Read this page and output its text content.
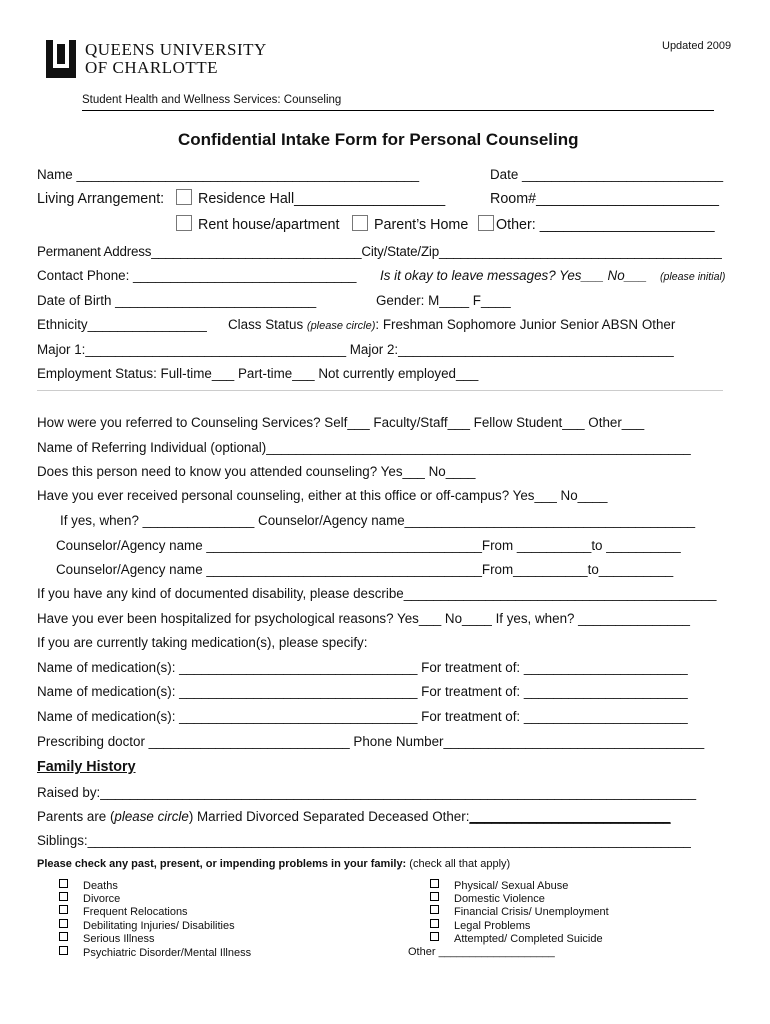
QUEENS UNIVERSITY
OF CHARLOTTE
Updated 2009
Student Health and Wellness Services: Counseling
Confidential Intake Form for Personal Counseling
Name ______________________________________________	Date ___________________________
Living Arrangement: Residence Hall___________________	Room#_______________________
Rent house/apartment Parent’s Home Other: ______________________
Permanent Address_____________________________City/State/Zip_______________________________________
Contact Phone: ______________________________ Is it okay to leave messages? Yes___ No___ (please initial)
Date of Birth ___________________________	Gender: M____ F____
Ethnicity________________ Class Status (please circle): Freshman Sophomore Junior Senior ABSN Other
Major 1:___________________________________ Major 2:_____________________________________
Employment Status: Full-time___ Part-time___ Not currently employed___
How were you referred to Counseling Services? Self___ Faculty/Staff___ Fellow Student___ Other___
Name of Referring Individual (optional)_________________________________________________________
Does this person need to know you attended counseling? Yes___ No____
Have you ever received personal counseling, either at this office or off-campus? Yes___ No____
If yes, when? _______________ Counselor/Agency name_______________________________________
Counselor/Agency name _____________________________________From __________to __________
Counselor/Agency name _____________________________________From__________to__________
If you have any kind of documented disability, please describe__________________________________________
Have you ever been hospitalized for psychological reasons? Yes___ No____ If yes, when? _______________
If you are currently taking medication(s), please specify:
Name of medication(s): ________________________________ For treatment of: ______________________
Name of medication(s): ________________________________ For treatment of: ______________________
Name of medication(s): ________________________________ For treatment of: ______________________
Prescribing doctor ___________________________ Phone Number___________________________________
Family History
Raised by:________________________________________________________________________________
Parents are (please circle) Married Divorced Separated Deceased Other:___________________________
Siblings:_________________________________________________________________________________
Please check any past, present, or impending problems in your family: (check all that apply)
Deaths
Divorce
Frequent Relocations
Debilitating Injuries/ Disabilities
Serious Illness
Psychiatric Disorder/Mental Illness
Physical/ Sexual Abuse
Domestic Violence
Financial Crisis/ Unemployment
Legal Problems
Attempted/ Completed Suicide
Other ___________________
